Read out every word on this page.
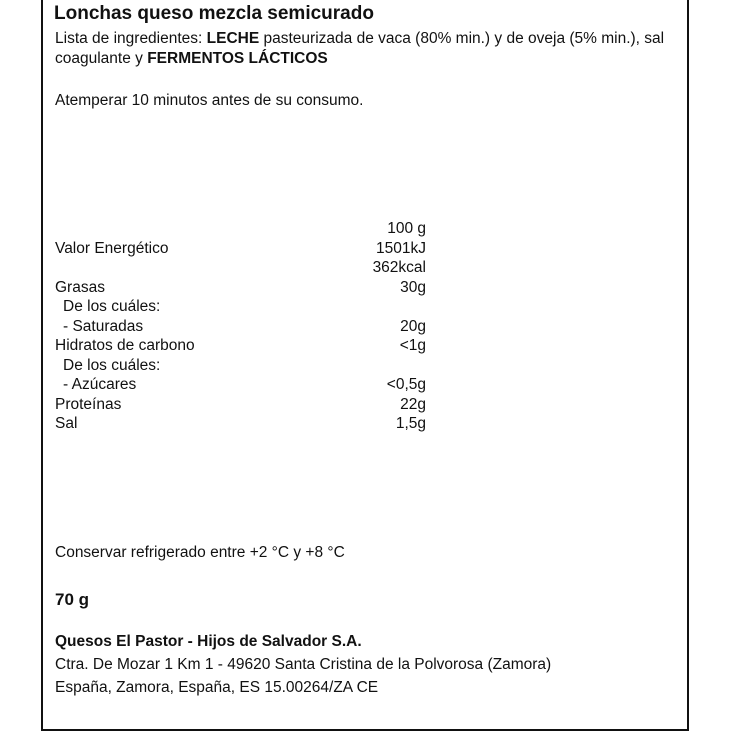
Lonchas queso mezcla semicurado
Lista de ingredientes: LECHE pasteurizada de vaca (80% min.) y de oveja (5% min.), sal coagulante y FERMENTOS LÁCTICOS
Atemperar 10 minutos antes de su consumo.
100 g
Valor Energético	1501kJ
362kcal
Grasas	30g
De los cuáles:
- Saturadas	20g
Hidratos de carbono	<1g
De los cuáles:
- Azúcares	<0,5g
Proteínas	22g
Sal	1,5g
Conservar refrigerado entre +2 °C y +8 °C
70 g
Quesos El Pastor - Hijos de Salvador S.A.
Ctra. De Mozar 1 Km 1 - 49620 Santa Cristina de la Polvorosa (Zamora)
España, Zamora, España, ES 15.00264/ZA CE
